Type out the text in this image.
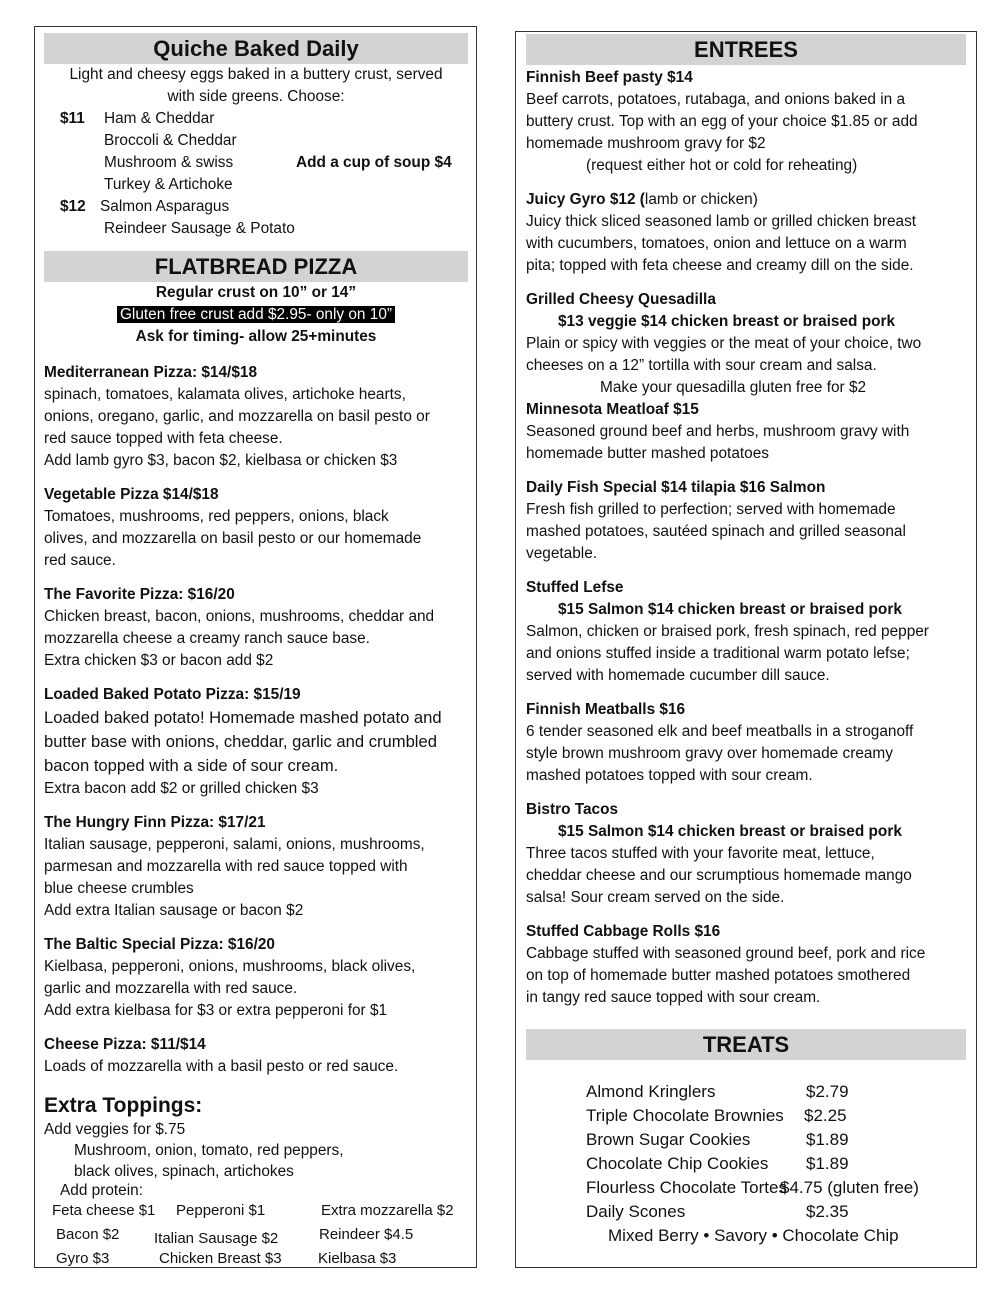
Quiche Baked Daily
Light and cheesy eggs baked in a buttery crust, served
with side greens. Choose:
$11 Ham & Cheddar
Broccoli & Cheddar
Mushroom & swiss	Add a cup of soup $4
Turkey & Artichoke
$12 Salmon Asparagus
Reindeer Sausage & Potato
FLATBREAD PIZZA
Regular crust on 10” or 14”
Gluten free crust add $2.95- only on 10”
Ask for timing- allow 25+minutes
Mediterranean Pizza: $14/$18
spinach, tomatoes, kalamata olives, artichoke hearts,
onions, oregano, garlic, and mozzarella on basil pesto or
red sauce topped with feta cheese.
Add lamb gyro $3, bacon $2, kielbasa or chicken $3
Vegetable Pizza $14/$18
Tomatoes, mushrooms, red peppers, onions, black
olives, and mozzarella on basil pesto or our homemade
red sauce.
The Favorite Pizza: $16/20
Chicken breast, bacon, onions, mushrooms, cheddar and
mozzarella cheese a creamy ranch sauce base.
Extra chicken $3 or bacon add $2
Loaded Baked Potato Pizza: $15/19
Loaded baked potato! Homemade mashed potato and
butter base with onions, cheddar, garlic and crumbled
bacon topped with a side of sour cream.
Extra bacon add $2 or grilled chicken $3
The Hungry Finn Pizza: $17/21
Italian sausage, pepperoni, salami, onions, mushrooms,
parmesan and mozzarella with red sauce topped with
blue cheese crumbles
Add extra Italian sausage or bacon $2
The Baltic Special Pizza: $16/20
Kielbasa, pepperoni, onions, mushrooms, black olives,
garlic and mozzarella with red sauce.
Add extra kielbasa for $3 or extra pepperoni for $1
Cheese Pizza: $11/$14
Loads of mozzarella with a basil pesto or red sauce.
Extra Toppings:
Add veggies for $.75
Mushroom, onion, tomato, red peppers,
black olives, spinach, artichokes
Add protein:
Feta cheese $1 Pepperoni $1	Extra mozzarella $2
Bacon $2 Italian Sausage $2	Reindeer $4.5
Gyro $3	Chicken Breast $3 Kielbasa $3
ENTREES
Finnish Beef pasty $14
Beef carrots, potatoes, rutabaga, and onions baked in a
buttery crust. Top with an egg of your choice $1.85 or add
homemade mushroom gravy for $2
(request either hot or cold for reheating)
Juicy Gyro $12 (lamb or chicken)
Juicy thick sliced seasoned lamb or grilled chicken breast
with cucumbers, tomatoes, onion and lettuce on a warm
pita; topped with feta cheese and creamy dill on the side.
Grilled Cheesy Quesadilla
$13 veggie $14 chicken breast or braised pork
Plain or spicy with veggies or the meat of your choice, two
cheeses on a 12” tortilla with sour cream and salsa.
Make your quesadilla gluten free for $2
Minnesota Meatloaf $15
Seasoned ground beef and herbs, mushroom gravy with
homemade butter mashed potatoes
Daily Fish Special $14 tilapia $16 Salmon
Fresh fish grilled to perfection; served with homemade
mashed potatoes, sautéed spinach and grilled seasonal
vegetable.
Stuffed Lefse
$15 Salmon $14 chicken breast or braised pork
Salmon, chicken or braised pork, fresh spinach, red pepper
and onions stuffed inside a traditional warm potato lefse;
served with homemade cucumber dill sauce.
Finnish Meatballs $16
6 tender seasoned elk and beef meatballs in a stroganoff
style brown mushroom gravy over homemade creamy
mashed potatoes topped with sour cream.
Bistro Tacos
$15 Salmon $14 chicken breast or braised pork
Three tacos stuffed with your favorite meat, lettuce,
cheddar cheese and our scrumptious homemade mango
salsa! Sour cream served on the side.
Stuffed Cabbage Rolls $16
Cabbage stuffed with seasoned ground beef, pork and rice
on top of homemade butter mashed potatoes smothered
in tangy red sauce topped with sour cream.
TREATS
Almond Kringlers	$2.79
Triple Chocolate Brownies $2.25
Brown Sugar Cookies	$1.89
Chocolate Chip Cookies $1.89
Flourless Chocolate Tortes
$4.75 (gluten free)
Daily Scones	$2.35
Mixed Berry • Savory • Chocolate Chip
